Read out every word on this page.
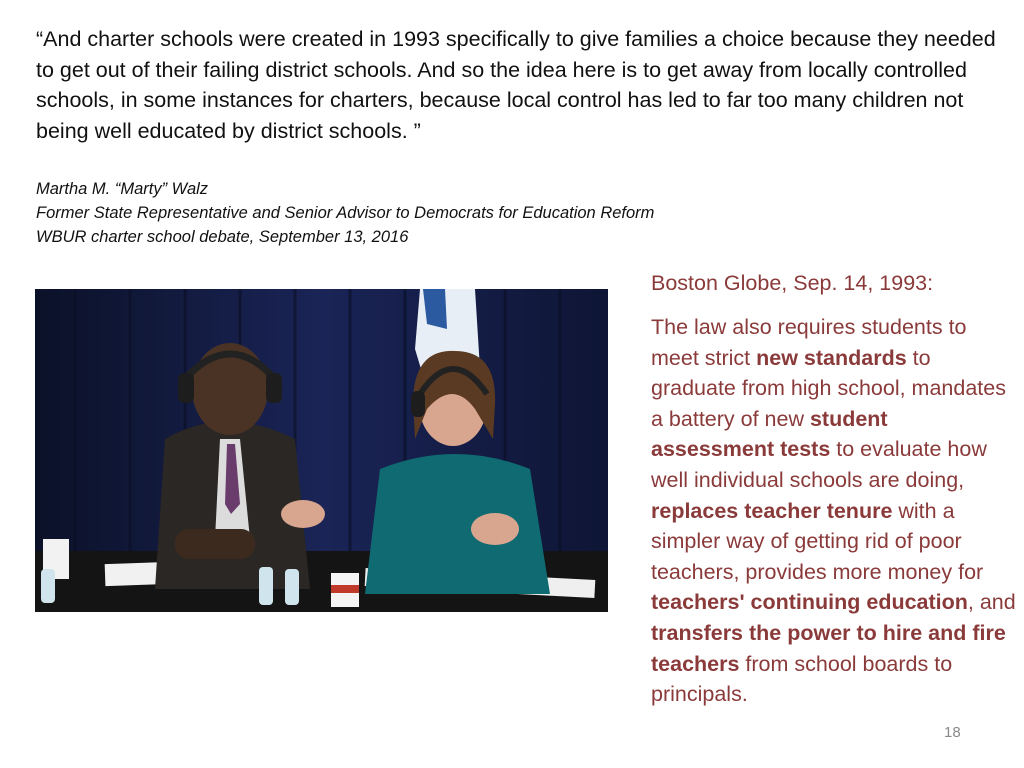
“And charter schools were created in 1993 specifically to give families a choice because they needed to get out of their failing district schools. And so the idea here is to get away from locally controlled schools, in some instances for charters, because local control has led to far too many children not being well educated by district schools. ”

Martha M. “Marty” Walz
Former State Representative and Senior Advisor to Democrats for Education Reform
WBUR charter school debate, September 13, 2016

Boston Globe, Sep. 14, 1993:

The law also requires students to meet strict new standards to graduate from high school, mandates a battery of new student assessment tests to evaluate how well individual schools are doing, replaces teacher tenure with a simpler way of getting rid of poor teachers, provides more money for teachers' continuing education, and transfers the power to hire and fire teachers from school boards to principals.

18
